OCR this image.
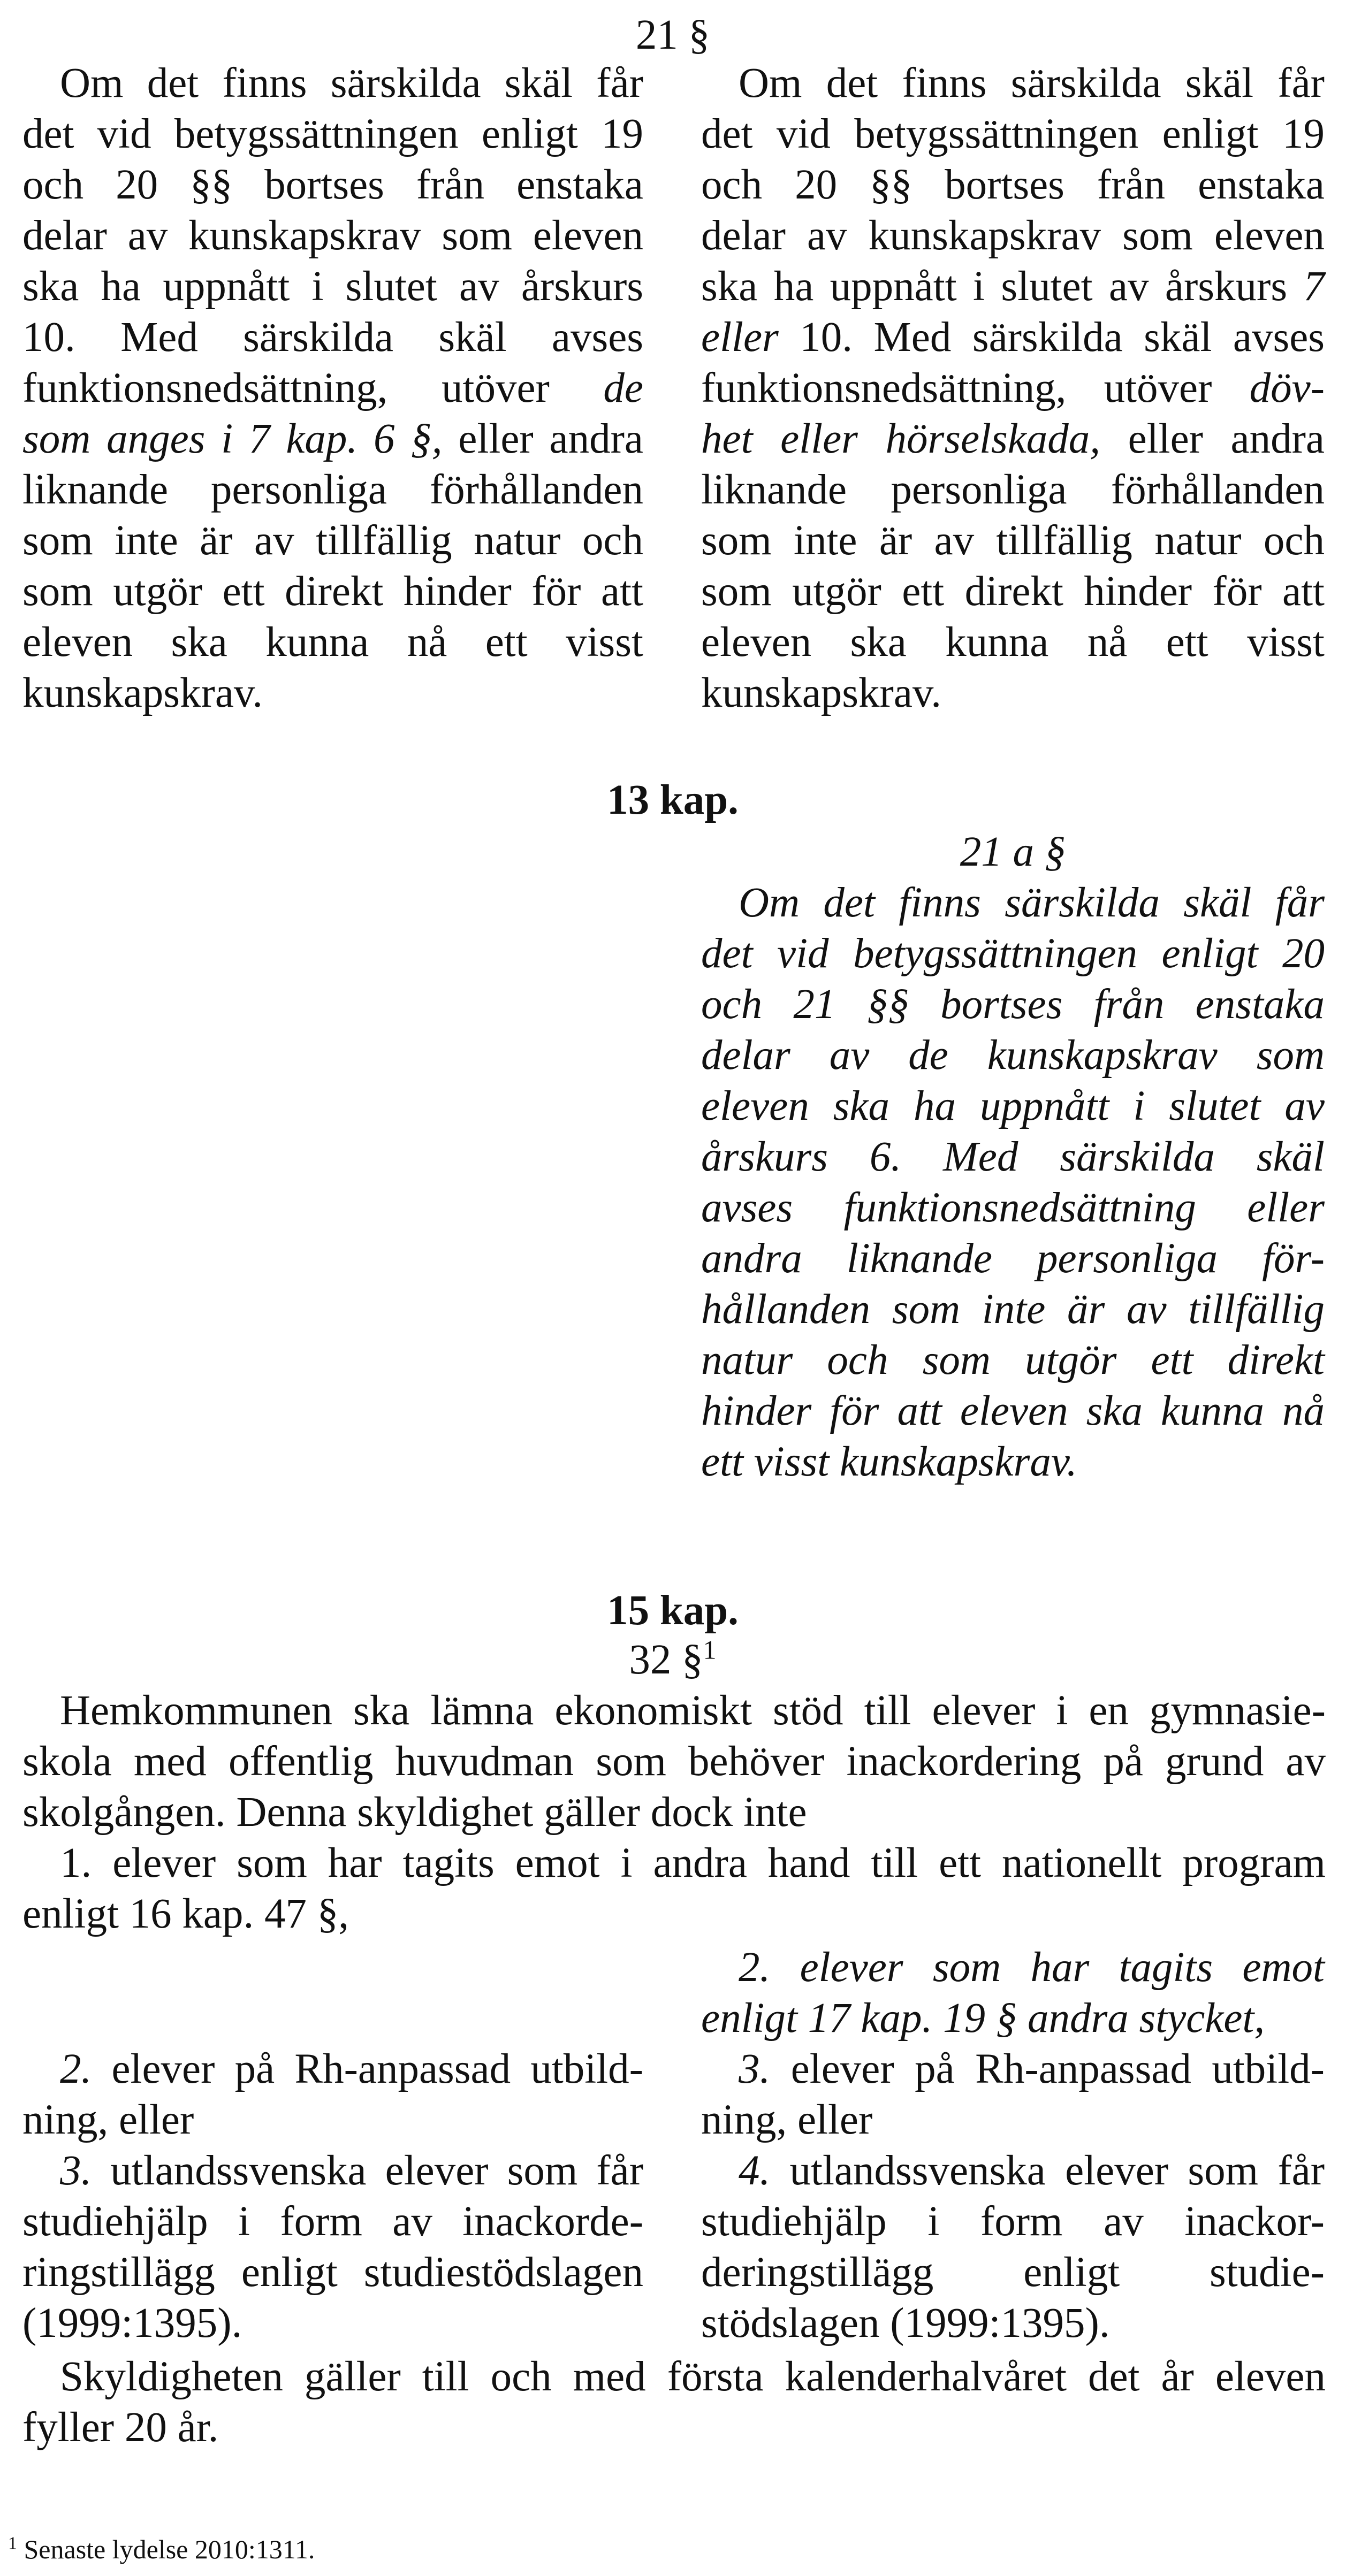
21 §
Om det finns särskilda skäl får
det vid betygssättningen enligt 19
och 20 §§ bortses från enstaka
delar av kunskapskrav som eleven
ska ha uppnått i slutet av årskurs
10. Med särskilda skäl avses
funktionsnedsättning, utöver de
som anges i 7 kap. 6 §, eller andra
liknande personliga förhållanden
som inte är av tillfällig natur och
som utgör ett direkt hinder för att
eleven ska kunna nå ett visst
kunskapskrav.
Om det finns särskilda skäl får
det vid betygssättningen enligt 19
och 20 §§ bortses från enstaka
delar av kunskapskrav som eleven
ska ha uppnått i slutet av årskurs 7
eller 10. Med särskilda skäl avses
funktionsnedsättning, utöver döv-
het eller hörselskada, eller andra
liknande personliga förhållanden
som inte är av tillfällig natur och
som utgör ett direkt hinder för att
eleven ska kunna nå ett visst
kunskapskrav.
13 kap.
21 a §
Om det finns särskilda skäl får
det vid betygssättningen enligt 20
och 21 §§ bortses från enstaka
delar av de kunskapskrav som
eleven ska ha uppnått i slutet av
årskurs 6. Med särskilda skäl
avses funktionsnedsättning eller
andra liknande personliga för-
hållanden som inte är av tillfällig
natur och som utgör ett direkt
hinder för att eleven ska kunna nå
ett visst kunskapskrav.
15 kap.
32 §$^1$
Hemkommunen ska lämna ekonomiskt stöd till elever i en gymnasie-
skola med offentlig huvudman som behöver inackordering på grund av
skolgången. Denna skyldighet gäller dock inte
1. elever som har tagits emot i andra hand till ett nationellt program
enligt 16 kap. 47 §,
2. elever som har tagits emot
enligt 17 kap. 19 § andra stycket,
2. elever på Rh-anpassad utbild-
ning, eller
3. utlandssvenska elever som får
studiehjälp i form av inackorde-
ringstillägg enligt studiestödslagen
(1999:1395).
3. elever på Rh-anpassad utbild-
ning, eller
4. utlandssvenska elever som får
studiehjälp i form av inackor-
deringstillägg enligt studie-
stödslagen (1999:1395).
Skyldigheten gäller till och med första kalenderhalvåret det år eleven
fyller 20 år.
$^1$ Senaste lydelse 2010:1311.
